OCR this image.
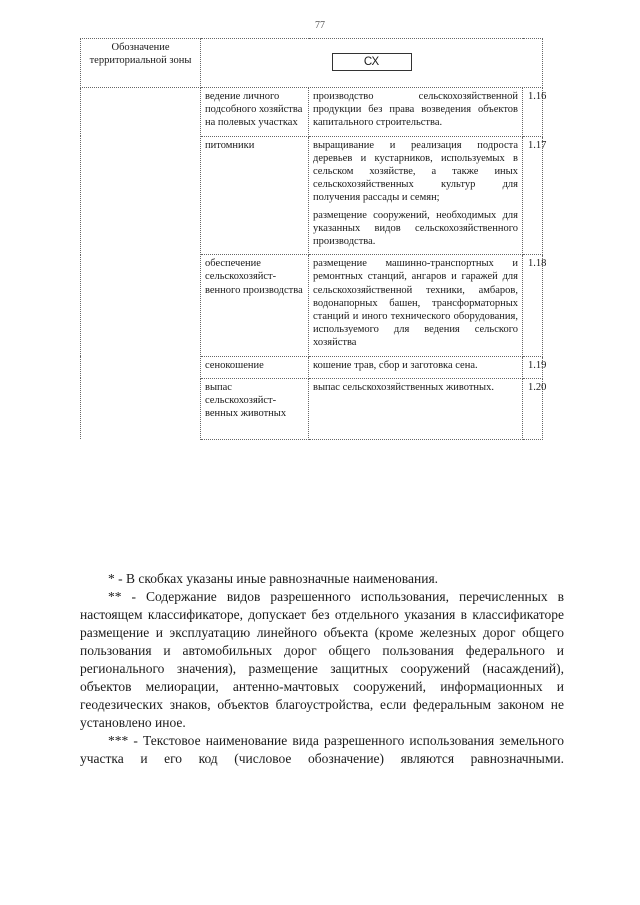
77
Обозначение территориальной зоны	СХ		

	ведение личного подсобного хозяйства на полевых участках	производство сельскохозяйственной продукции без права возведения объектов капитального строительства.	1.16
	питомники	выращивание и реализация подроста деревьев и кустарников, используемых в сельском хозяйстве, а также иных сельскохозяйственных культур для получения рассады и семян;

размещение сооружений, необходимых для указанных видов сельскохозяйственного производства.	1.17
	обеспечение сельскохозяйст-венного производства	размещение машинно-транспортных и ремонтных станций, ангаров и гаражей для сельскохозяйственной техники, амбаров, водонапорных башен, трансформаторных станций и иного технического оборудования, используемого для ведения сельского хозяйства	1.18
	сенокошение	кошение трав, сбор и заготовка сена.	1.19
	выпас сельскохозяйст-венных животных	выпас сельскохозяйственных животных.	1.20

* - В скобках указаны иные равнозначные наименования.

** - Содержание видов разрешенного использования, перечисленных в настоящем классификаторе, допускает без отдельного указания в классификаторе размещение и эксплуатацию линейного объекта (кроме железных дорог общего пользования и автомобильных дорог общего пользования федерального и регионального значения), размещение защитных сооружений (насаждений), объектов мелиорации, антенно-мачтовых сооружений, информационных и геодезических знаков, объектов благоустройства, если федеральным законом не установлено иное.

*** - Текстовое наименование вида разрешенного использования земельного участка и его код (числовое обозначение) являются равнозначными.
